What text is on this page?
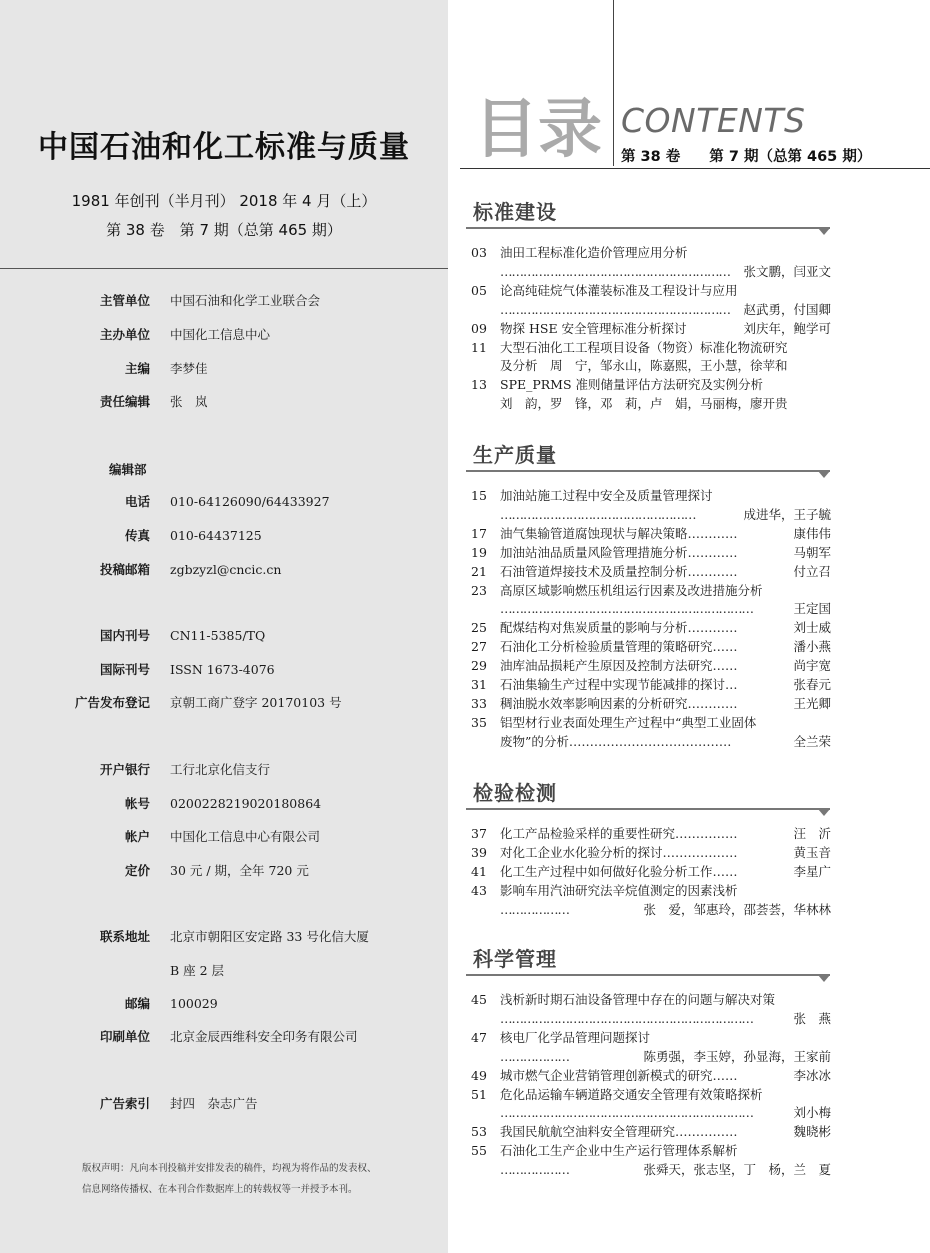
中国石油和化工标准与质量
1981 年创刊（半月刊） 2018 年 4 月（上）
第 38 卷　第 7 期（总第 465 期）
主管单位 中国石油和化学工业联合会
主办单位 中国化工信息中心
主编 李梦佳
责任编辑 张　岚
电话 010-64126090/64433927
传真 010-64437125
投稿邮箱 zgbzyzl@cncic.cn
国内刊号 CN11-5385/TQ
国际刊号 ISSN 1673-4076
广告发布登记 京朝工商广登字 20170103 号
开户银行 工行北京化信支行
帐号 0200228219020180864
帐户 中国化工信息中心有限公司
定价 30 元 / 期，全年 720 元
联系地址 北京市朝阳区安定路 33 号化信大厦
B 座 2 层
邮编 100029
印刷单位 北京金辰西维科安全印务有限公司
广告索引 封四　杂志广告
编辑部
版权声明：凡向本刊投稿并安排发表的稿件，均视为将作品的发表权、
信息网络传播权、在本刊合作数据库上的转载权等一并授予本刊。
目录 CONTENTS
第 38 卷　　第 7 期（总第 465 期）
标准建设
生产质量
检验检测
科学管理
03	油田工程标准化造价管理应用分析
…………………………………………………… 张文鹏，闫亚文
05	论高纯硅烷气体灌装标准及工程设计与应用
…………………………………………………… 赵武勇，付国卿
09	物探 HSE 安全管理标准分析探讨	刘庆年，鲍学可
11	大型石油化工工程项目设备（物资）标准化物流研究
及分析　周　宁，邹永山，陈嘉熙，王小慧，徐苹和
13	SPE_PRMS 准则储量评估方法研究及实例分析
刘　韵，罗　锋，邓　莉，卢　娟，马丽梅，廖开贵
15	加油站施工过程中安全及质量管理探讨
……………………………………………	成进华，王子毓
17	油气集输管道腐蚀现状与解决策略…………	康伟伟
19	加油站油品质量风险管理措施分析…………	马朝军
21	石油管道焊接技术及质量控制分析…………	付立召
23	高原区域影响燃压机组运行因素及改进措施分析
…………………………………………………………	王定国
25	配煤结构对焦炭质量的影响与分析…………	刘士威
27	石油化工分析检验质量管理的策略研究……	潘小燕
29	油库油品损耗产生原因及控制方法研究……	尚宇宽
31	石油集输生产过程中实现节能减排的探讨…	张春元
33	稠油脱水效率影响因素的分析研究…………	王光卿
35	铝型材行业表面处理生产过程中“典型工业固体
废物”的分析…………………………………	全兰荣
37	化工产品检验采样的重要性研究……………	汪　沂
39	对化工企业水化验分析的探讨………………	黄玉音
41	化工生产过程中如何做好化验分析工作……	李星广
43	影响车用汽油研究法辛烷值测定的因素浅析
………………	张　爱，邹惠玲，邵荟荟，华林林
45	浅析新时期石油设备管理中存在的问题与解决对策
…………………………………………………………	张　燕
47	核电厂化学品管理问题探讨
………………	陈勇强，李玉婷，孙显海，王家前
49	城市燃气企业营销管理创新模式的研究……	李冰冰
51	危化品运输车辆道路交通安全管理有效策略探析
…………………………………………………………	刘小梅
53	我国民航航空油料安全管理研究……………	魏晓彬
55	石油化工生产企业中生产运行管理体系解析
………………	张舜天，张志坚，丁　杨，兰　夏
